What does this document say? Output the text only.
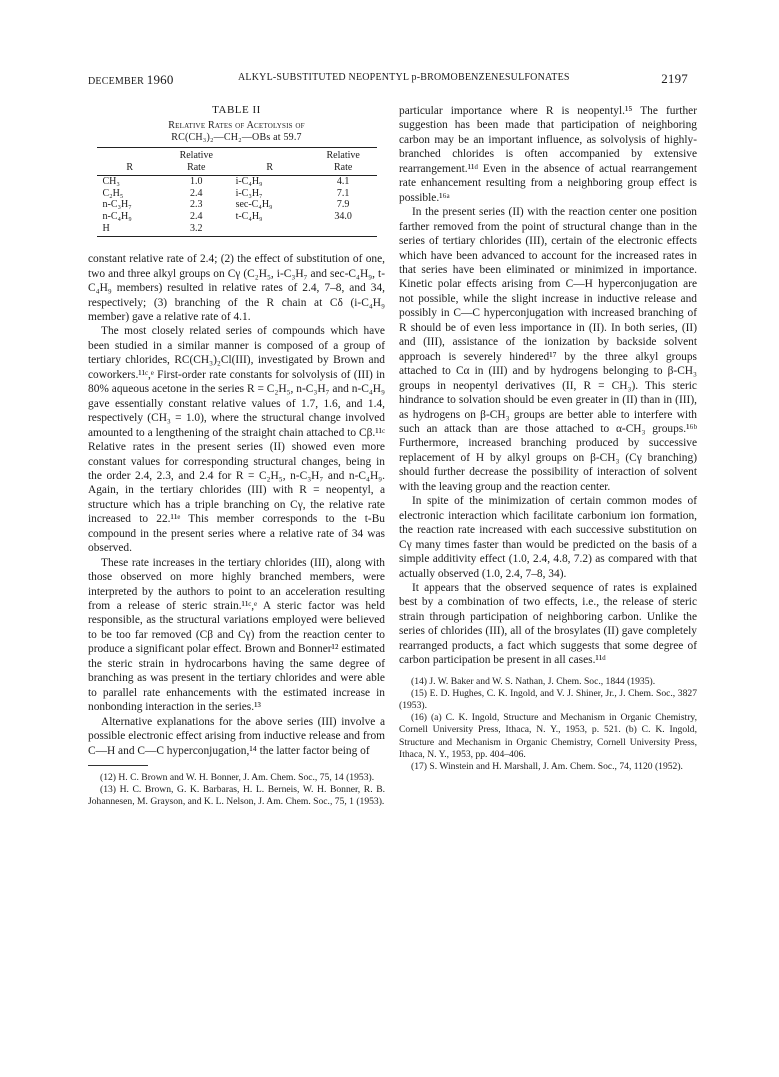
DECEMBER 1960	ALKYL-SUBSTITUTED NEOPENTYL p-BROMOBENZENESULFONATES	2197
TABLE II
Relative Rates of Acetolysis of
RC(CH₃)₂—CH₂—OBs at 59.7
	Relative		Relative
R	Rate	R	Rate
CH₃	1.0	i-C₄H₉	4.1
C₂H₅	2.4	i-C₃H₇	7.1
n-C₃H₇	2.3	sec-C₄H₉	7.9
n-C₄H₉	2.4	t-C₄H₉	34.0
H	3.2		

constant relative rate of 2.4; (2) the effect of substitution of one, two and three alkyl groups on Cγ (C₂H₅, i-C₃H₇ and sec-C₄H₉, t-C₄H₉ members) resulted in relative rates of 2.4, 7–8, and 34, respectively; (3) branching of the R chain at Cδ (i-C₄H₉ member) gave a relative rate of 4.1.

The most closely related series of compounds which have been studied in a similar manner is composed of a group of tertiary chlorides, RC(CH₃)₂Cl(III), investigated by Brown and coworkers.¹¹ᶜ,ᵉ First-order rate constants for solvolysis of (III) in 80% aqueous acetone in the series R = C₂H₅, n-C₃H₇ and n-C₄H₉ gave essentially constant relative values of 1.7, 1.6, and 1.4, respectively (CH₃ = 1.0), where the structural change involved amounted to a lengthening of the straight chain attached to Cβ.¹¹ᶜ Relative rates in the present series (II) showed even more constant values for corresponding structural changes, being in the order 2.4, 2.3, and 2.4 for R = C₂H₅, n-C₃H₇ and n-C₄H₉. Again, in the tertiary chlorides (III) with R = neopentyl, a structure which has a triple branching on Cγ, the relative rate increased to 22.¹¹ᵉ This member corresponds to the t-Bu compound in the present series where a relative rate of 34 was observed.

These rate increases in the tertiary chlorides (III), along with those observed on more highly branched members, were interpreted by the authors to point to an acceleration resulting from a release of steric strain.¹¹ᶜ,ᵉ A steric factor was held responsible, as the structural variations employed were believed to be too far removed (Cβ and Cγ) from the reaction center to produce a significant polar effect. Brown and Bonner¹² estimated the steric strain in hydrocarbons having the same degree of branching as was present in the tertiary chlorides and were able to parallel rate enhancements with the estimated increase in nonbonding interaction in the series.¹³

Alternative explanations for the above series (III) involve a possible electronic effect arising from inductive release and from C—H and C—C hyperconjugation,¹⁴ the latter factor being of

(12) H. C. Brown and W. H. Bonner, J. Am. Chem. Soc., 75, 14 (1953).

(13) H. C. Brown, G. K. Barbaras, H. L. Berneis, W. H. Bonner, R. B. Johannesen, M. Grayson, and K. L. Nelson, J. Am. Chem. Soc., 75, 1 (1953).

particular importance where R is neopentyl.¹⁵ The further suggestion has been made that participation of neighboring carbon may be an important influence, as solvolysis of highly-branched chlorides is often accompanied by extensive rearrangement.¹¹ᵈ Even in the absence of actual rearrangement rate enhancement resulting from a neighboring group effect is possible.¹⁶ᵃ

In the present series (II) with the reaction center one position farther removed from the point of structural change than in the series of tertiary chlorides (III), certain of the electronic effects which have been advanced to account for the increased rates in that series have been eliminated or minimized in importance. Kinetic polar effects arising from C—H hyperconjugation are not possible, while the slight increase in inductive release and possibly in C—C hyperconjugation with increased branching of R should be of even less importance in (II). In both series, (II) and (III), assistance of the ionization by backside solvent approach is severely hindered¹⁷ by the three alkyl groups attached to Cα in (III) and by hydrogens belonging to β-CH₃ groups in neopentyl derivatives (II, R = CH₃). This steric hindrance to solvation should be even greater in (II) than in (III), as hydrogens on β-CH₃ groups are better able to interfere with such an attack than are those attached to α-CH₃ groups.¹⁶ᵇ Furthermore, increased branching produced by successive replacement of H by alkyl groups on β-CH₃ (Cγ branching) should further decrease the possibility of interaction of solvent with the leaving group and the reaction center.

In spite of the minimization of certain common modes of electronic interaction which facilitate carbonium ion formation, the reaction rate increased with each successive substitution on Cγ many times faster than would be predicted on the basis of a simple additivity effect (1.0, 2.4, 4.8, 7.2) as compared with that actually observed (1.0, 2.4, 7–8, 34).

It appears that the observed sequence of rates is explained best by a combination of two effects, i.e., the release of steric strain through participation of neighboring carbon. Unlike the series of chlorides (III), all of the brosylates (II) gave completely rearranged products, a fact which suggests that some degree of carbon participation be present in all cases.¹¹ᵈ

(14) J. W. Baker and W. S. Nathan, J. Chem. Soc., 1844 (1935).

(15) E. D. Hughes, C. K. Ingold, and V. J. Shiner, Jr., J. Chem. Soc., 3827 (1953).

(16) (a) C. K. Ingold, Structure and Mechanism in Organic Chemistry, Cornell University Press, Ithaca, N. Y., 1953, p. 521. (b) C. K. Ingold, Structure and Mechanism in Organic Chemistry, Cornell University Press, Ithaca, N. Y., 1953, pp. 404–406.

(17) S. Winstein and H. Marshall, J. Am. Chem. Soc., 74, 1120 (1952).
